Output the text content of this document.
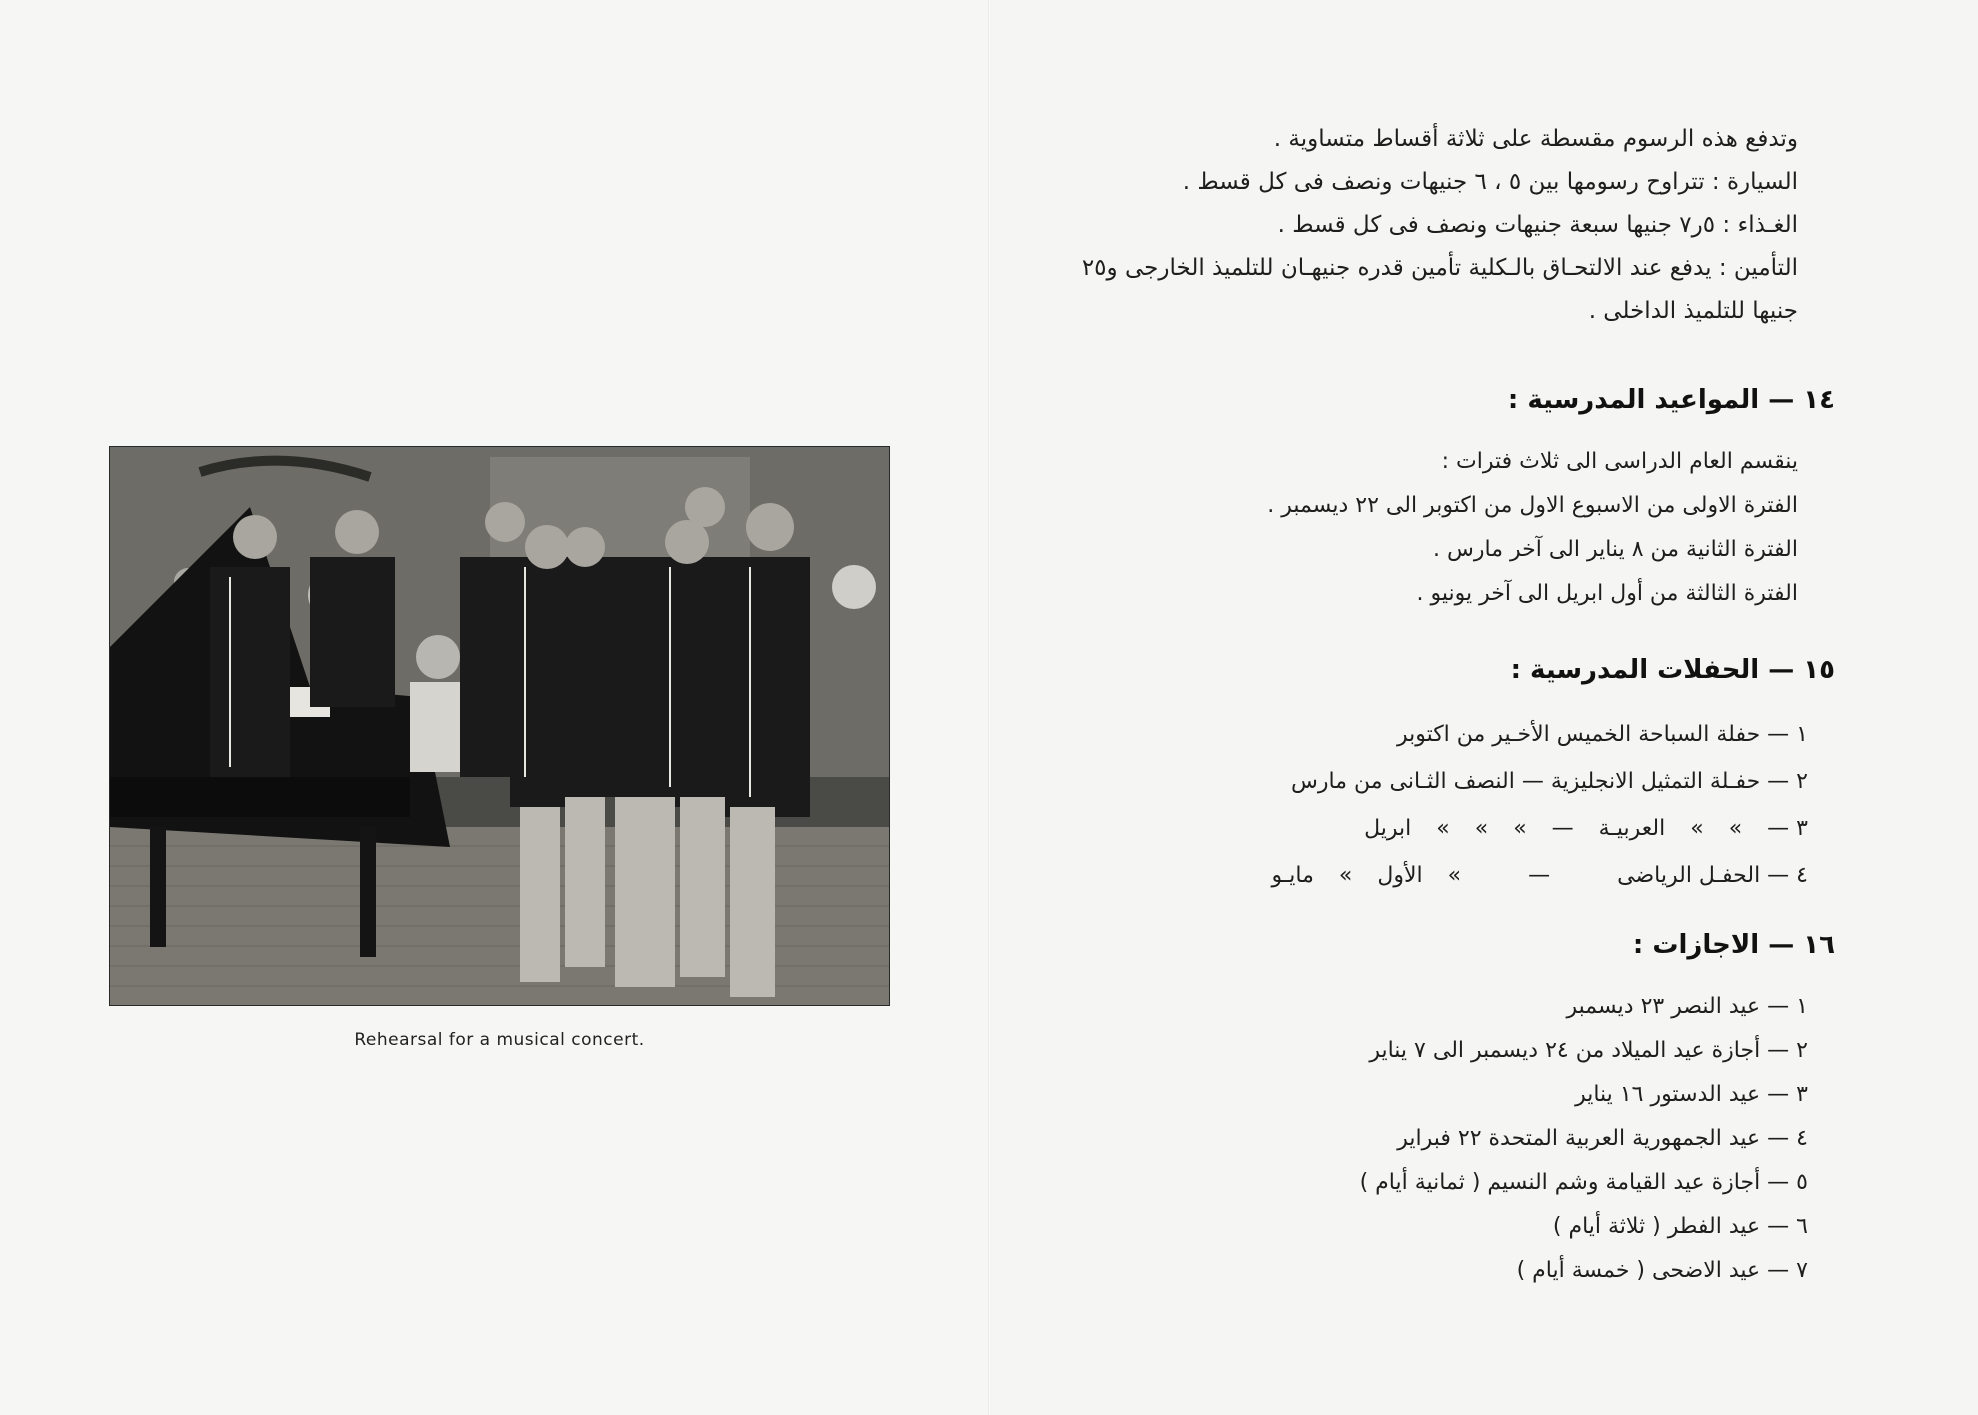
Rehearsal for a musical concert.
وتدفع هذه الرسوم مقسطة على ثلاثة أقساط متساوية .
السيارة : تتراوح رسومها بين ٥ ، ٦ جنيهات ونصف فى كل قسط .
الغـذاء : ٥ر٧ جنيها سبعة جنيهات ونصف فى كل قسط .
التأمين : يدفع عند الالتحـاق بالـكلية تأمين قدره جنيهـان للتلميذ الخارجى و٢٥
جنيها للتلميذ الداخلى .
١٤ — المواعيد المدرسية :
ينقسم العام الدراسى الى ثلاث فترات :
الفترة الاولى من الاسبوع الاول من اكتوبر الى ٢٢ ديسمبر .
الفترة الثانية من ٨ يناير الى آخر مارس .
الفترة الثالثة من أول ابريل الى آخر يونيو .
١٥ — الحفلات المدرسية :
١ — حفلة السباحة الخميس الأخـير من اكتوبر
٢ — حفـلة التمثيل الانجليزية — النصف الثـانى من مارس
٣ — » » العربيـة — » » » ابريل
٤ — الحفـل الرياضى — » الأول » مايـو
١٦ — الاجازات :
١ — عيد النصر ٢٣ ديسمبر
٢ — أجازة عيد الميلاد من ٢٤ ديسمبر الى ٧ يناير
٣ — عيد الدستور ١٦ يناير
٤ — عيد الجمهورية العربية المتحدة ٢٢ فبراير
٥ — أجازة عيد القيامة وشم النسيم ( ثمانية أيام )
٦ — عيد الفطر ( ثلاثة أيام )
٧ — عيد الاضحى ( خمسة أيام )
